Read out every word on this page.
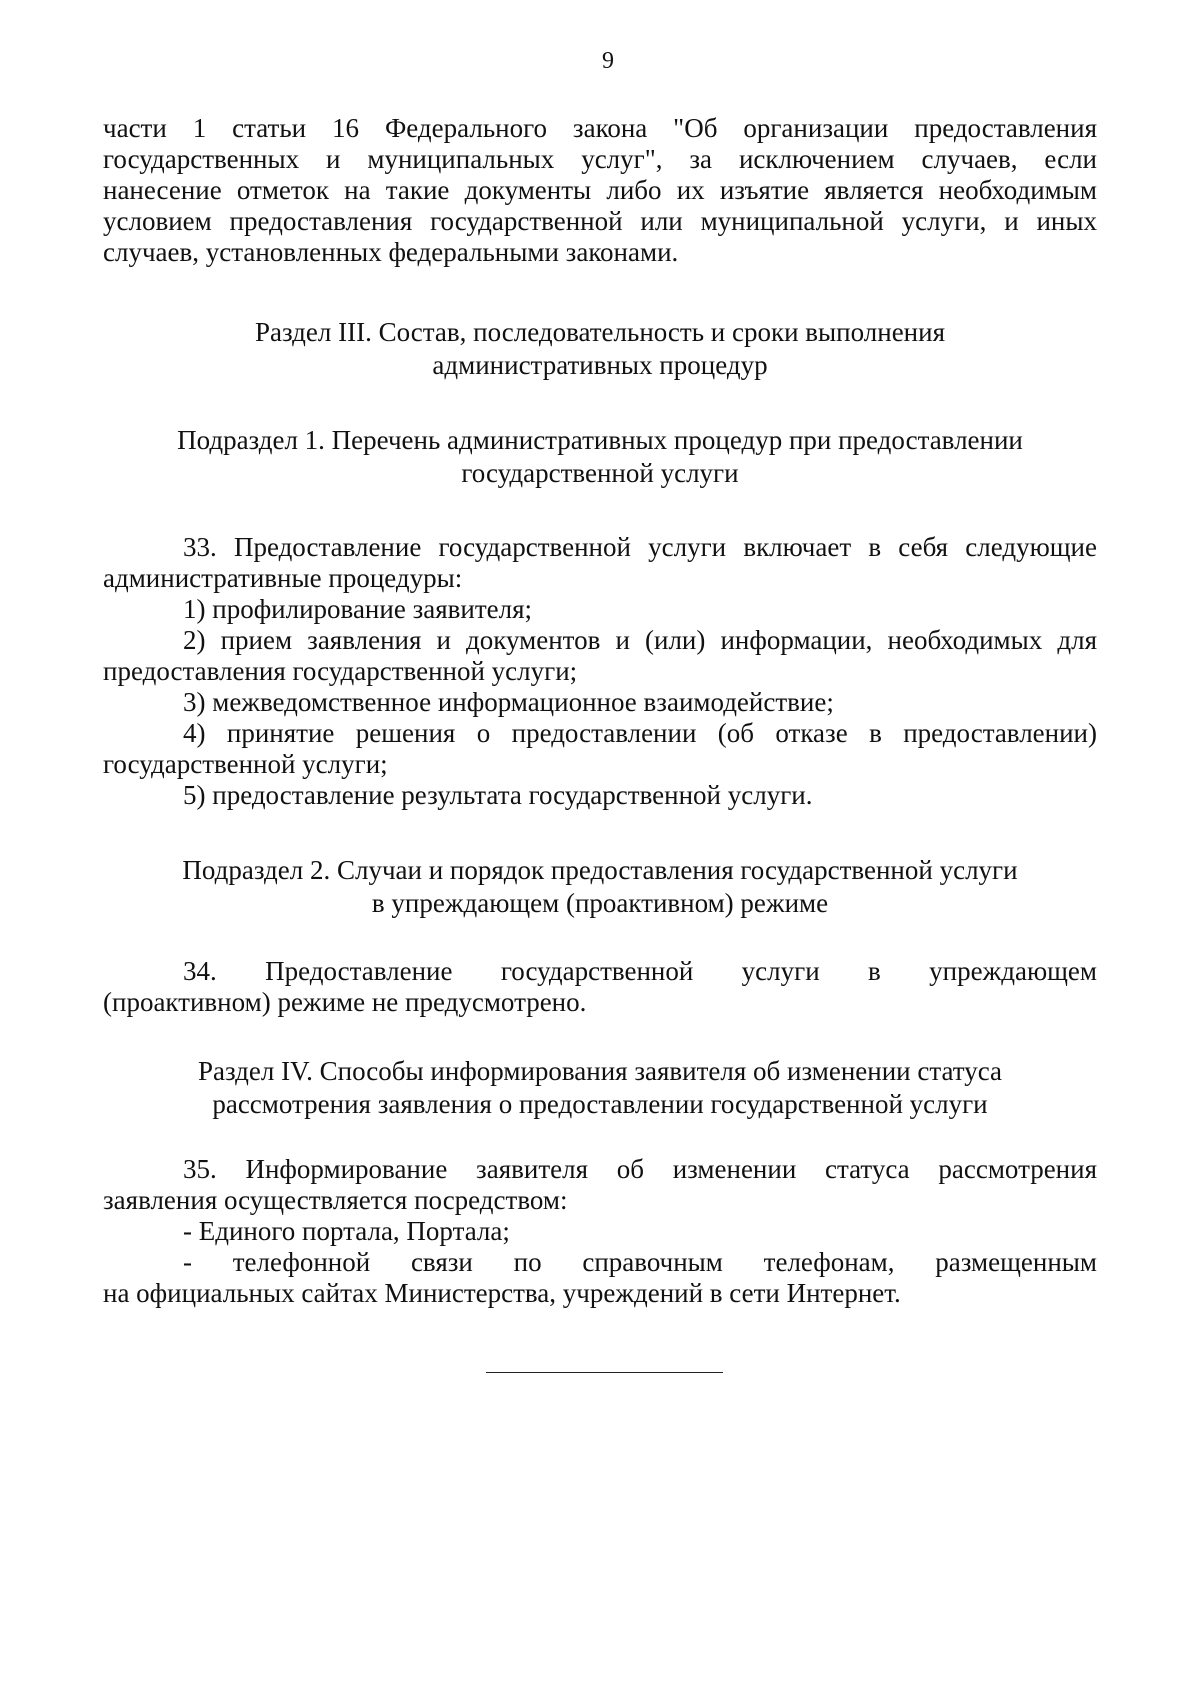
9
части 1 статьи 16 Федерального закона "Об организации предоставления
государственных и муниципальных услуг", за исключением случаев, если
нанесение отметок на такие документы либо их изъятие является необходимым
условием предоставления государственной или муниципальной услуги, и иных
случаев, установленных федеральными законами.
Раздел III. Состав, последовательность и сроки выполнения
административных процедур
Подраздел 1. Перечень административных процедур при предоставлении
государственной услуги
33. Предоставление государственной услуги включает в себя следующие
административные процедуры:
1) профилирование заявителя;
2) прием заявления и документов и (или) информации, необходимых для
предоставления государственной услуги;
3) межведомственное информационное взаимодействие;
4) принятие решения о предоставлении (об отказе в предоставлении)
государственной услуги;
5) предоставление результата государственной услуги.
Подраздел 2. Случаи и порядок предоставления государственной услуги
в упреждающем (проактивном) режиме
34. Предоставление государственной услуги в упреждающем
(проактивном) режиме не предусмотрено.
Раздел IV. Способы информирования заявителя об изменении статуса
рассмотрения заявления о предоставлении государственной услуги
35. Информирование заявителя об изменении статуса рассмотрения
заявления осуществляется посредством:
- Единого портала, Портала;
- телефонной связи по справочным телефонам, размещенным
на официальных сайтах Министерства, учреждений в сети Интернет.
